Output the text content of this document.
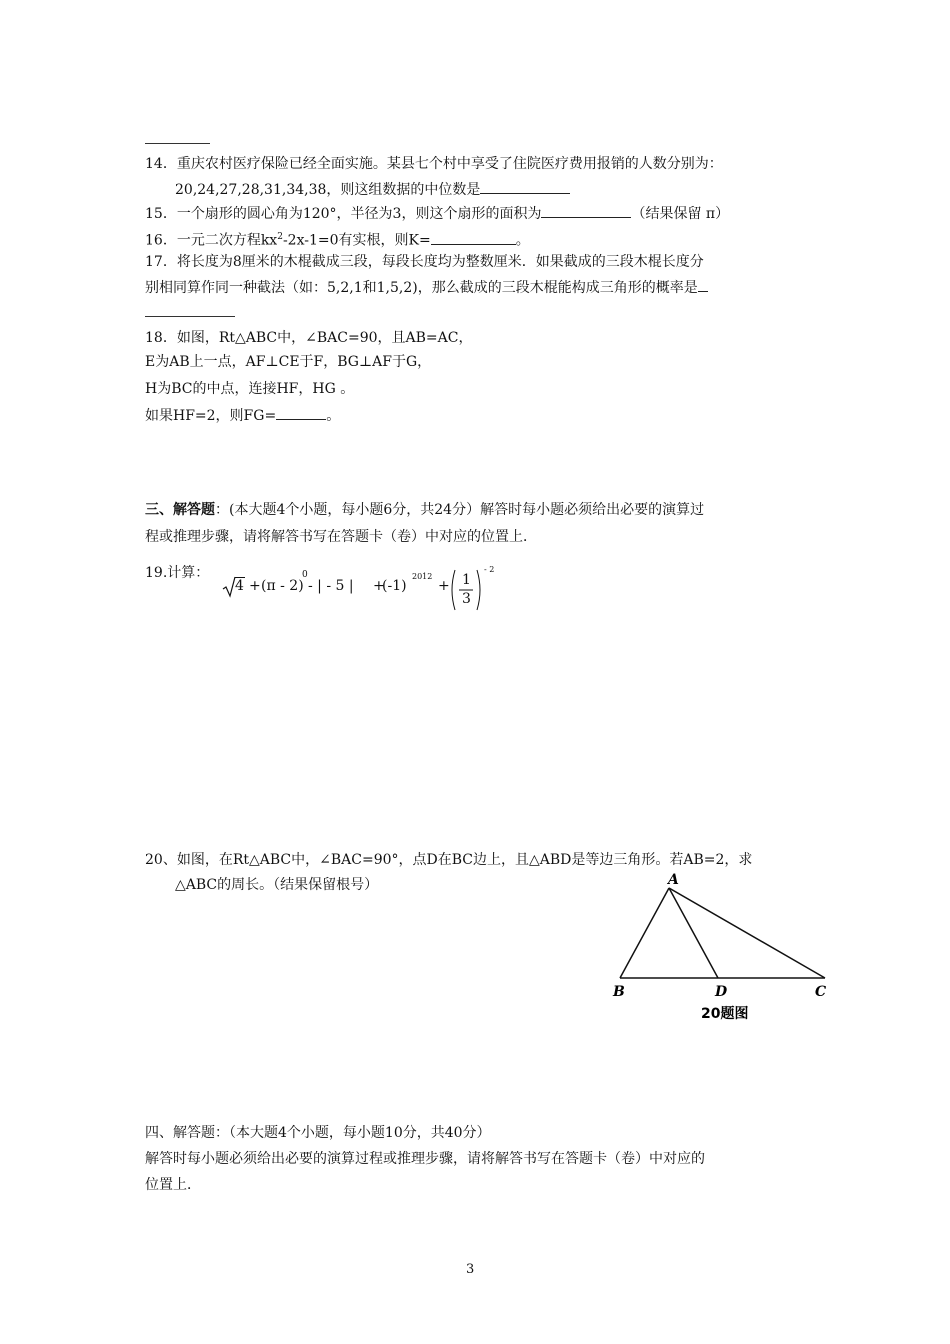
14．重庆农村医疗保险已经全面实施。某县七个村中享受了住院医疗费用报销的人数分别为：
20,24,27,28,31,34,38，则这组数据的中位数是
15．一个扇形的圆心角为120°，半径为3，则这个扇形的面积为	（结果保留 π）
16．一元二次方程$kx^2-2x-1=0$有实根，则K=	。
17．将长度为8厘米的木棍截成三段，每段长度均为整数厘米．如果截成的三段木棍长度分
别相同算作同一种截法（如：5,2,1和1,5,2)，那么截成的三段木棍能构成三角形的概率是
18．如图，Rt△ABC中，∠BAC=90，且AB=AC，
E为AB上一点，AF⊥CE于F，BG⊥AF于G，
H为BC的中点，连接HF，HG 。
如果HF=2，则FG=	。
三、解答题：(本大题4个小题，每小题6分，共24分）解答时每小题必须给出必要的演算过
程或推理步骤，请将解答书写在答题卡（卷）中对应的位置上．
19.计算：
4 + (π - 2)
0
- | - 5 | +
(-1)
2012
+ 1
3
- 2
20、如图，在Rt△ABC中，∠BAC=90°，点D在BC边上，且△ABD是等边三角形。若AB=2，求
△ABC的周长。（结果保留根号）	A
B	D	C
20题图
四、解答题：（本大题4个小题，每小题10分，共40分）
解答时每小题必须给出必要的演算过程或推理步骤，请将解答书写在答题卡（卷）中对应的
位置上．
3
